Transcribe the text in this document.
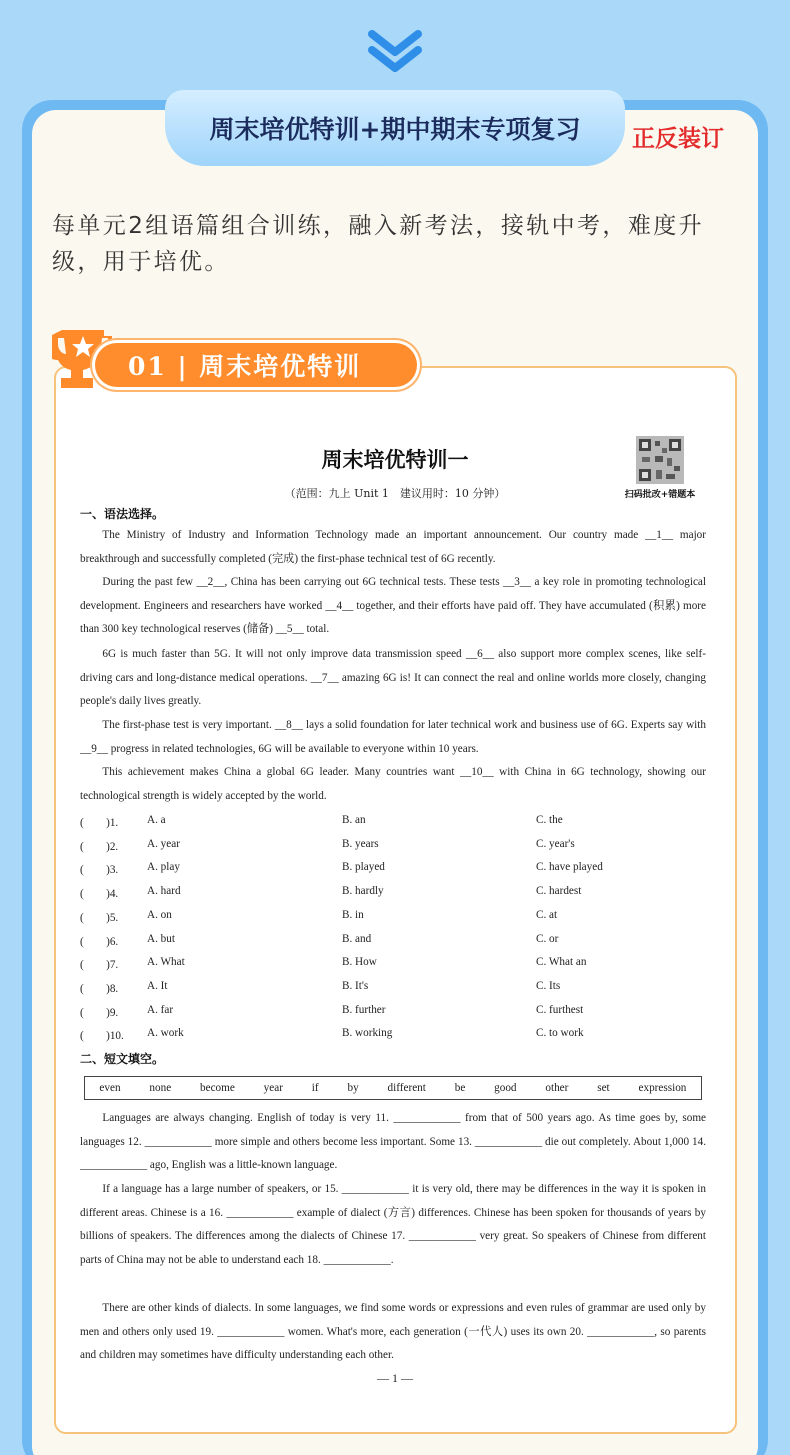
周末培优特训+期中期末专项复习	正反装订
每单元2组语篇组合训练，融入新考法，接轨中考，难度升级，用于培优。
01 | 周末培优特训
周末培优特训一
扫码批改+错题本
（范围：九上 Unit 1　建议用时：10 分钟）
一、语法选择。
The Ministry of Industry and Information Technology made an important announcement. Our country made __1__ major breakthrough and successfully completed (完成) the first-phase technical test of 6G recently.
During the past few __2__, China has been carrying out 6G technical tests. These tests __3__ a key role in promoting technological development. Engineers and researchers have worked __4__ together, and their efforts have paid off. They have accumulated (积累) more than 300 key technological reserves (储备) __5__ total.
6G is much faster than 5G. It will not only improve data transmission speed __6__ also support more complex scenes, like self-driving cars and long-distance medical operations. __7__ amazing 6G is! It can connect the real and online worlds more closely, changing people's daily lives greatly.
The first-phase test is very important. __8__ lays a solid foundation for later technical work and business use of 6G. Experts say with __9__ progress in related technologies, 6G will be available to everyone within 10 years.
This achievement makes China a global 6G leader. Many countries want __10__ with China in 6G technology, showing our technological strength is widely accepted by the world.
(　　)1.	A. a	B. an	C. the
(　　)2.	A. year	B. years	C. year's
(　　)3.	A. play	B. played	C. have played
(　　)4.	A. hard	B. hardly	C. hardest
(　　)5.	A. on	B. in	C. at
(　　)6.	A. but	B. and	C. or
(　　)7.	A. What	B. How	C. What an
(　　)8.	A. It	B. It's	C. Its
(　　)9.	A. far	B. further	C. furthest
(　　)10. A. work	B. working	C. to work
二、短文填空。
even	none	become	year	if	by	different	be	good	other	set	expression
Languages are always changing. English of today is very 11. ____________ from that of 500 years ago. As time goes by, some languages 12. ____________ more simple and others become less important. Some 13. ____________ die out completely. About 1,000 14. ____________ ago, English was a little-known language.
If a language has a large number of speakers, or 15. ____________ it is very old, there may be differences in the way it is spoken in different areas. Chinese is a 16. ____________ example of dialect (方言) differences. Chinese has been spoken for thousands of years by billions of speakers. The differences among the dialects of Chinese 17. ____________ very great. So speakers of Chinese from different parts of China may not be able to understand each 18. ____________.
There are other kinds of dialects. In some languages, we find some words or expressions and even rules of grammar are used only by men and others only used 19. ____________ women. What's more, each generation (一代人) uses its own 20. ____________, so parents and children may sometimes have difficulty understanding each other.
— 1 —
